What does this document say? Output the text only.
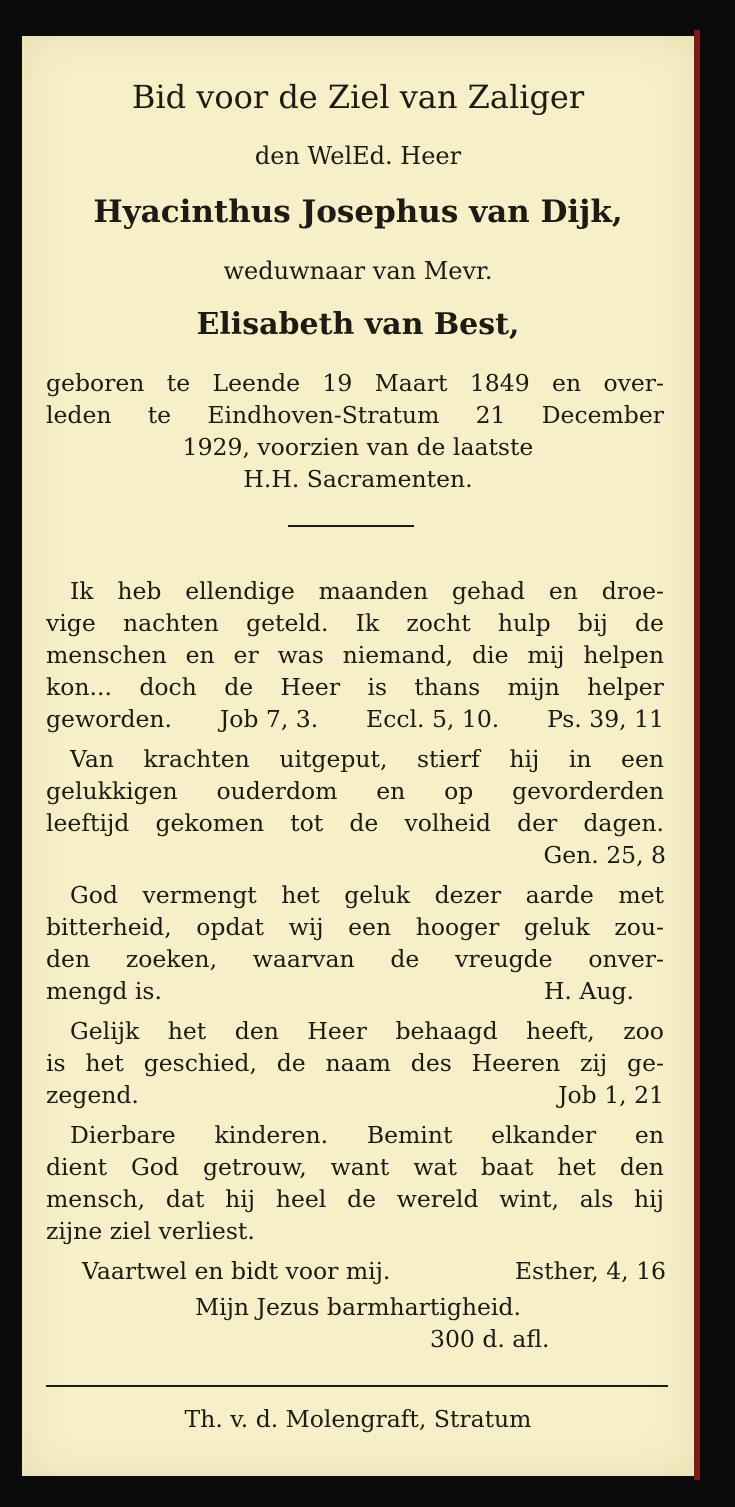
Bid voor de Ziel van Zaliger
den WelEd. Heer
Hyacinthus Josephus van Dijk,
weduwnaar van Mevr.
Elisabeth van Best,
geboren te Leende 19 Maart 1849 en over-
leden te Eindhoven-Stratum 21 December
1929, voorzien van de laatste
H.H. Sacramenten.
Ik heb ellendige maanden gehad en droe-
vige nachten geteld. Ik zocht hulp bij de
menschen en er was niemand, die mij helpen
kon... doch de Heer is thans mijn helper
geworden. Job 7, 3. Eccl. 5, 10. Ps. 39, 11
Van krachten uitgeput, stierf hij in een
gelukkigen ouderdom en op gevorderden
leeftijd gekomen tot de volheid der dagen.
Gen. 25, 8
God vermengt het geluk dezer aarde met
bitterheid, opdat wij een hooger geluk zou-
den zoeken, waarvan de vreugde onver-
mengd is.	H. Aug.
Gelijk het den Heer behaagd heeft, zoo
is het geschied, de naam des Heeren zij ge-
zegend.	Job 1, 21
Dierbare kinderen. Bemint elkander en
dient God getrouw, want wat baat het den
mensch, dat hij heel de wereld wint, als hij
zijne ziel verliest.
Vaartwel en bidt voor mij.	Esther, 4, 16
Mijn Jezus barmhartigheid.
300 d. afl.
Th. v. d. Molengraft, Stratum
